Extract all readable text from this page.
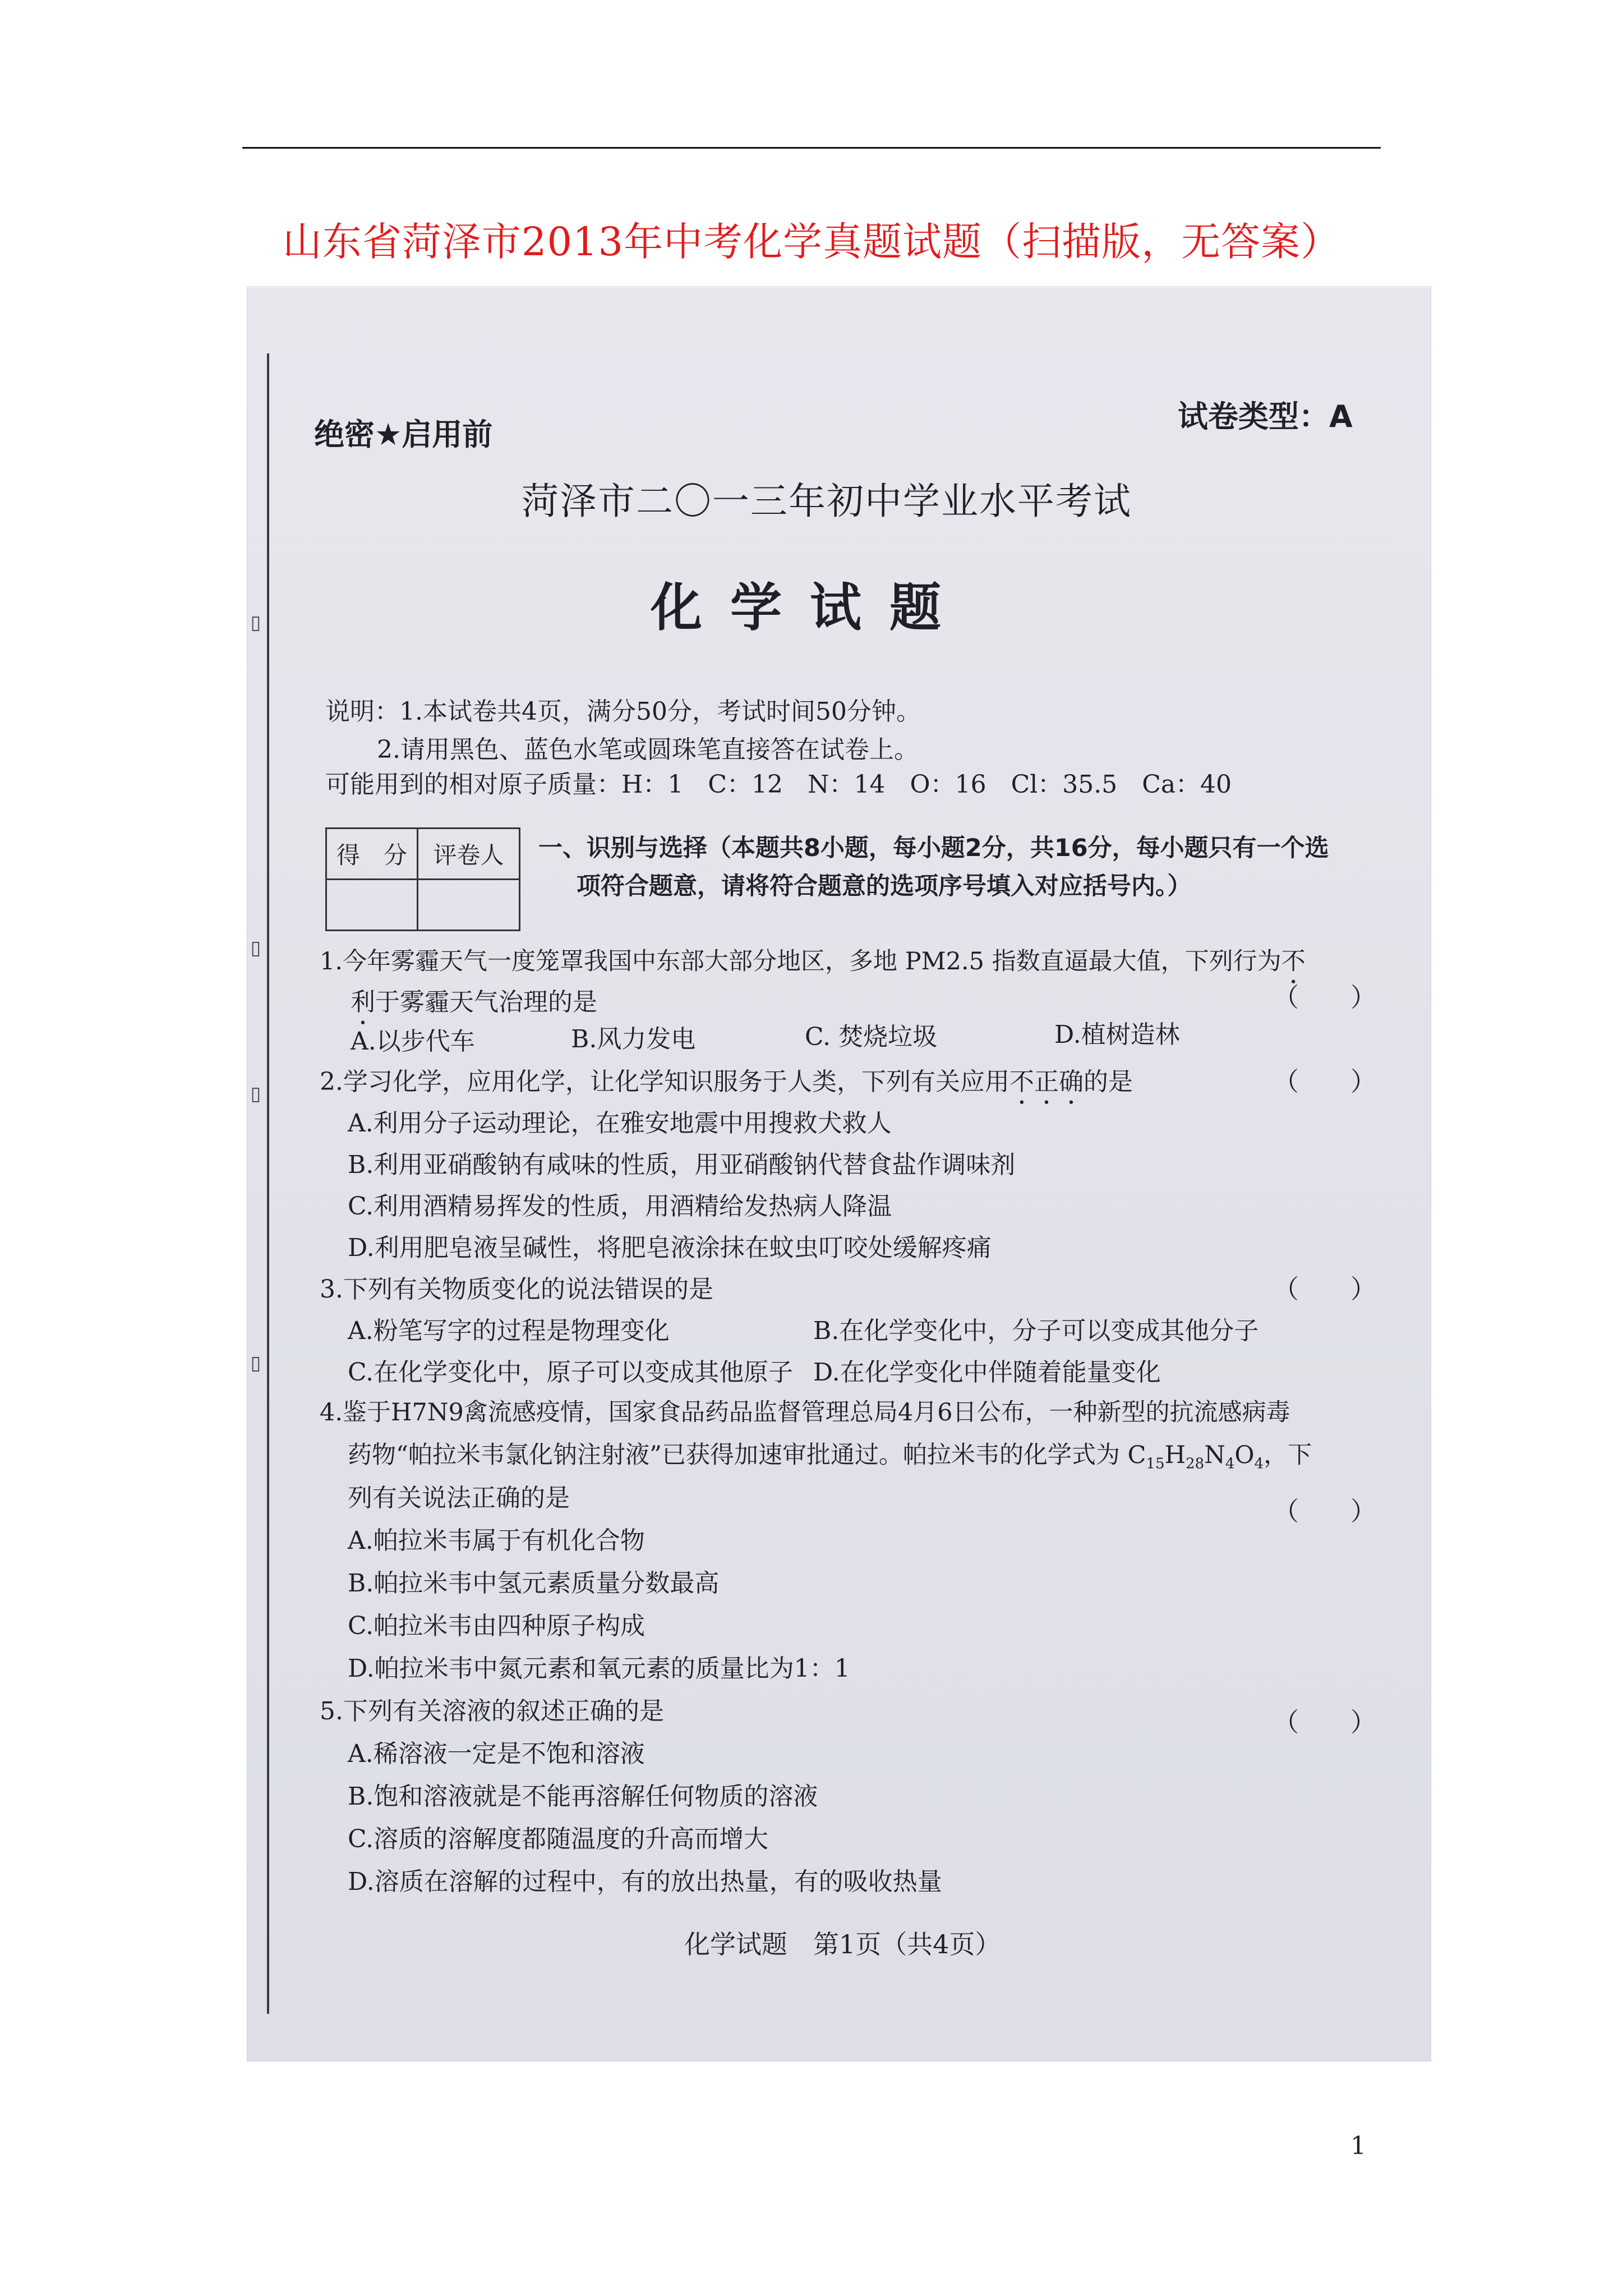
山东省菏泽市2013年中考化学真题试题（扫描版，无答案）
▯
▯
▯
▯
绝密★启用前
试卷类型：A
菏泽市二〇一三年初中学业水平考试
化学试题
说明：1.本试卷共4页，满分50分，考试时间50分钟。
2.请用黑色、蓝色水笔或圆珠笔直接答在试卷上。
可能用到的相对原子质量：H：1　C：12　N：14　O：16　Cl：35.5　Ca：40
得　分	评卷人
	一、识别与选择（本题共8小题，每小题2分，共16分，每小题只有一个选
项符合题意，请将符合题意的选项序号填入对应括号内。）
1.今年雾霾天气一度笼罩我国中东部大部分地区，多地 PM2.5 指数直逼最大值，下列行为不
（　　）
利于雾霾天气治理的是
A.以步代车	B.风力发电	C. 焚烧垃圾	D.植树造林
2.学习化学，应用化学，让化学知识服务于人类，下列有关应用不正确的是	（　　）
A.利用分子运动理论，在雅安地震中用搜救犬救人
B.利用亚硝酸钠有咸味的性质，用亚硝酸钠代替食盐作调味剂
C.利用酒精易挥发的性质，用酒精给发热病人降温
D.利用肥皂液呈碱性，将肥皂液涂抹在蚊虫叮咬处缓解疼痛
3.下列有关物质变化的说法错误的是	（　　）
A.粉笔写字的过程是物理变化	B.在化学变化中，分子可以变成其他分子
C.在化学变化中，原子可以变成其他原子 D.在化学变化中伴随着能量变化
4.鉴于H7N9禽流感疫情，国家食品药品监督管理总局4月6日公布，一种新型的抗流感病毒
药物“帕拉米韦氯化钠注射液”已获得加速审批通过。帕拉米韦的化学式为 $C_{15}H_{28}N_4O_4$，下
列有关说法正确的是	（　　）
A.帕拉米韦属于有机化合物
B.帕拉米韦中氢元素质量分数最高
C.帕拉米韦由四种原子构成
D.帕拉米韦中氮元素和氧元素的质量比为1：1
5.下列有关溶液的叙述正确的是	（　　）
A.稀溶液一定是不饱和溶液
B.饱和溶液就是不能再溶解任何物质的溶液
C.溶质的溶解度都随温度的升高而增大
D.溶质在溶解的过程中，有的放出热量，有的吸收热量
化学试题　第1页（共4页）
1
